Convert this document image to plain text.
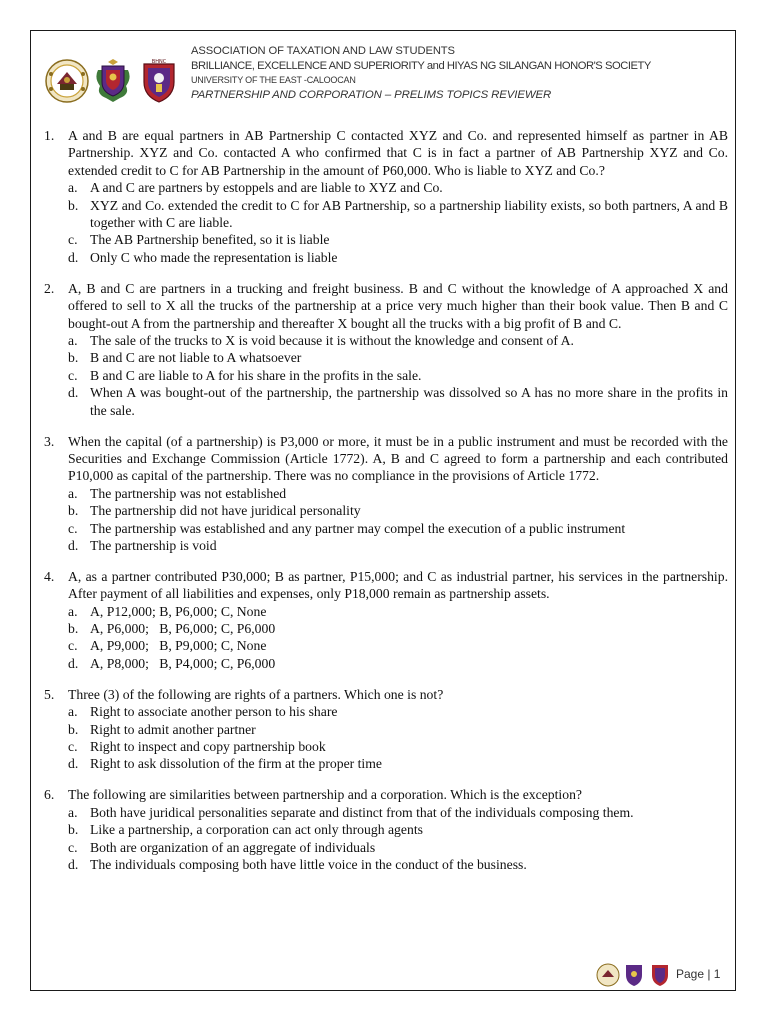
BHNC
ASSOCIATION OF TAXATION AND LAW STUDENTS
BRILLIANCE, EXCELLENCE AND SUPERIORITY and HIYAS NG SILANGAN HONOR'S SOCIETY
UNIVERSITY OF THE EAST -CALOOCAN
PARTNERSHIP AND CORPORATION – PRELIMS TOPICS REVIEWER
1. A and B are equal partners in AB Partnership C contacted XYZ and Co. and represented himself as partner in AB Partnership. XYZ and Co. contacted A who confirmed that C is in fact a partner of AB Partnership XYZ and Co. extended credit to C for AB Partnership in the amount of P60,000. Who is liable to XYZ and Co.?
a. A and C are partners by estoppels and are liable to XYZ and Co.
b. XYZ and Co. extended the credit to C for AB Partnership, so a partnership liability exists, so both partners, A and B together with C are liable.
c. The AB Partnership benefited, so it is liable
d. Only C who made the representation is liable
2. A, B and C are partners in a trucking and freight business. B and C without the knowledge of A approached X and offered to sell to X all the trucks of the partnership at a price very much higher than their book value. Then B and C bought-out A from the partnership and thereafter X bought all the trucks with a big profit of B and C.
a. The sale of the trucks to X is void because it is without the knowledge and consent of A.
b. B and C are not liable to A whatsoever
c. B and C are liable to A for his share in the profits in the sale.
d. When A was bought-out of the partnership, the partnership was dissolved so A has no more share in the profits in the sale.
3. When the capital (of a partnership) is P3,000 or more, it must be in a public instrument and must be recorded with the Securities and Exchange Commission (Article 1772). A, B and C agreed to form a partnership and each contributed P10,000 as capital of the partnership. There was no compliance in the provisions of Article 1772.
a. The partnership was not established
b. The partnership did not have juridical personality
c. The partnership was established and any partner may compel the execution of a public instrument
d. The partnership is void
4. A, as a partner contributed P30,000; B as partner, P15,000; and C as industrial partner, his services in the partnership. After payment of all liabilities and expenses, only P18,000 remain as partnership assets.
a. A, P12,000; B, P6,000; C, None
b. A, P6,000;   B, P6,000; C, P6,000
c. A, P9,000;   B, P9,000; C, None
d. A, P8,000;   B, P4,000; C, P6,000
5. Three (3) of the following are rights of a partners. Which one is not?
a. Right to associate another person to his share
b. Right to admit another partner
c. Right to inspect and copy partnership book
d. Right to ask dissolution of the firm at the proper time
6. The following are similarities between partnership and a corporation. Which is the exception?
a. Both have juridical personalities separate and distinct from that of the individuals composing them.
b. Like a partnership, a corporation can act only through agents
c. Both are organization of an aggregate of individuals
d. The individuals composing both have little voice in the conduct of the business.
Page | 1
